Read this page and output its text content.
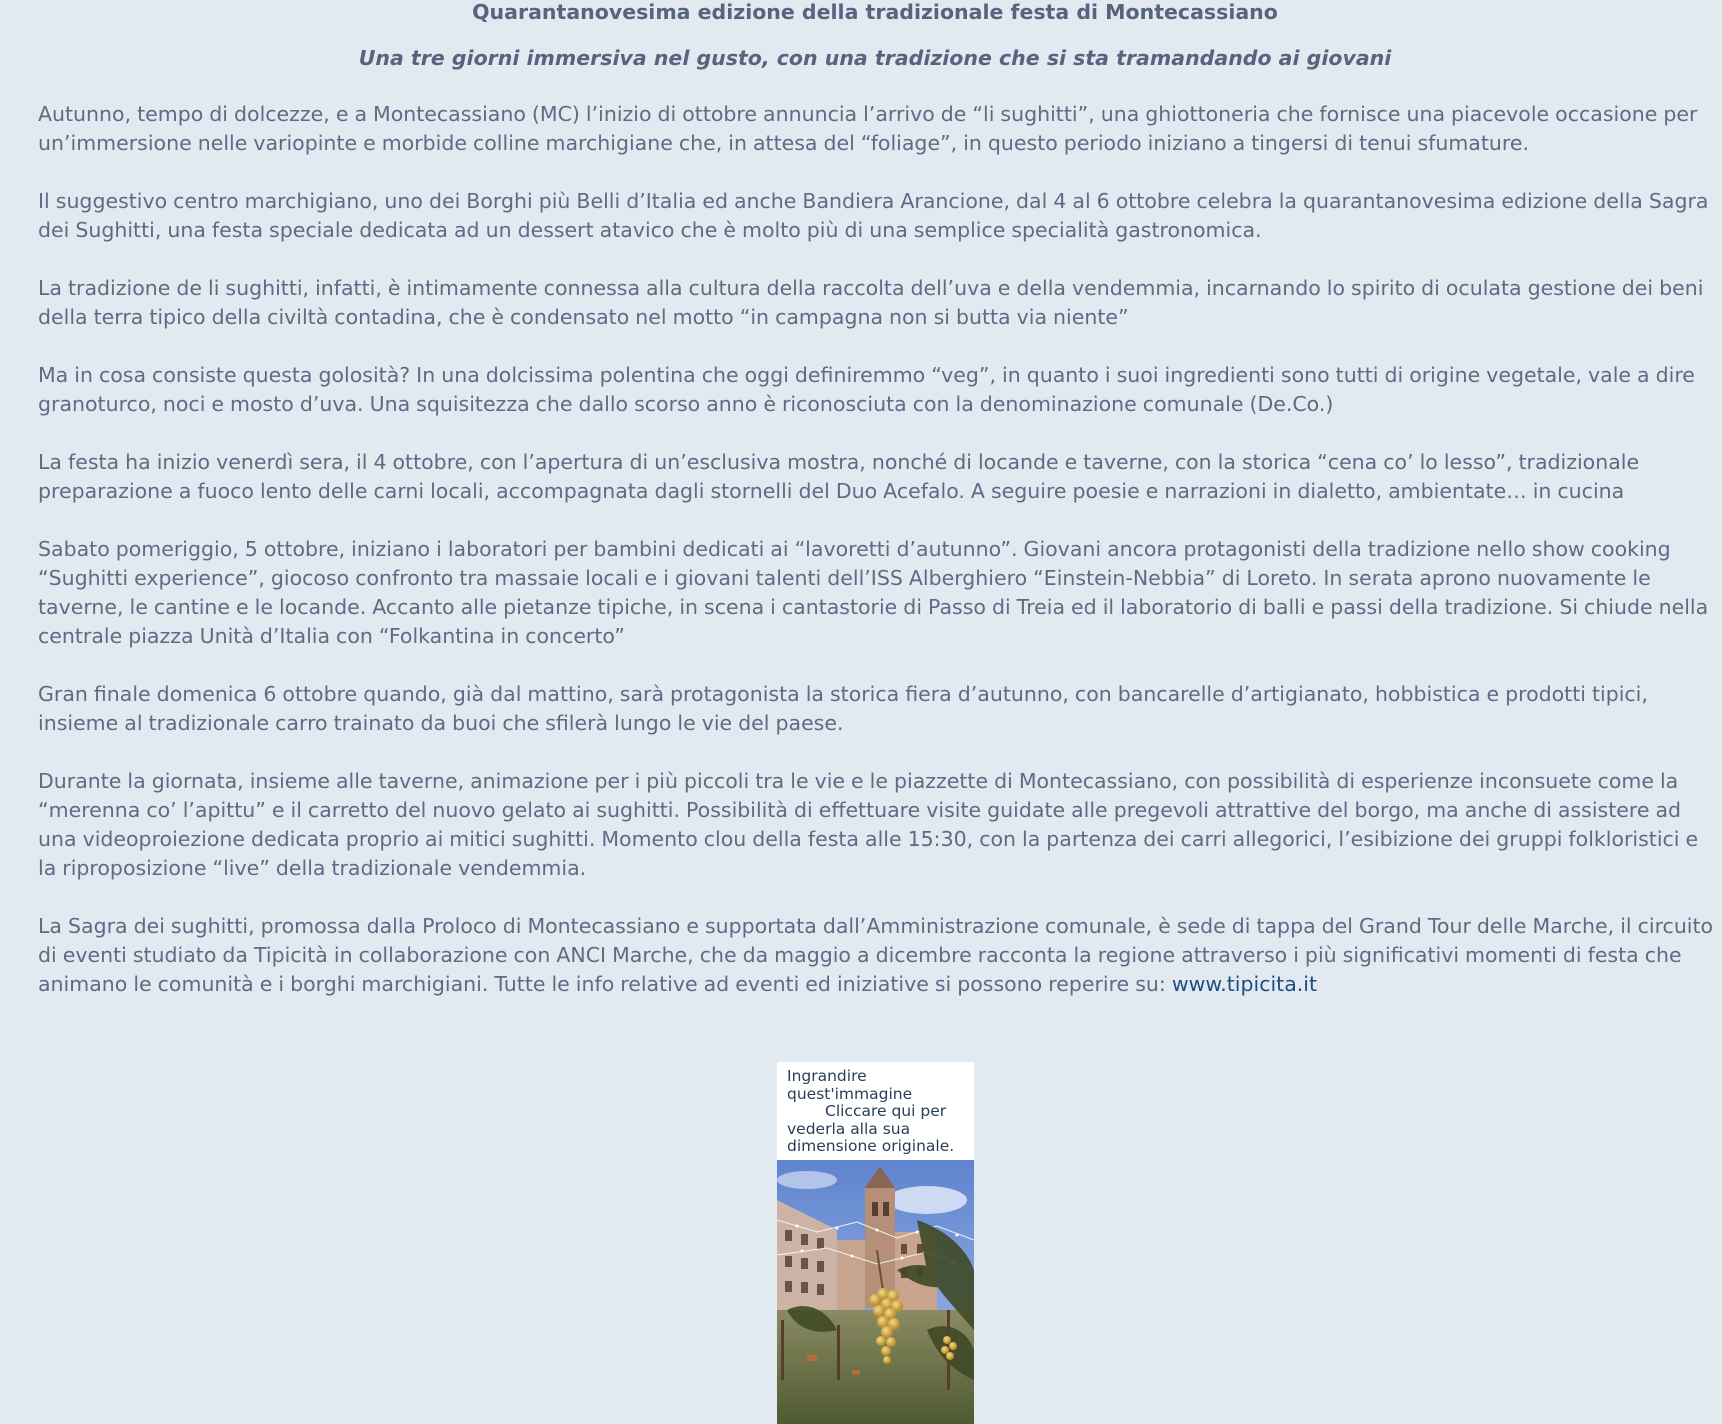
Quarantanovesima edizione della tradizionale festa di Montecassiano
Una tre giorni immersiva nel gusto, con una tradizione che si sta tramandando ai giovani

Autunno, tempo di dolcezze, e a Montecassiano (MC) l’inizio di ottobre annuncia l’arrivo de “li sughitti”, una ghiottoneria che fornisce una piacevole occasione per un’immersione nelle variopinte e morbide colline marchigiane che, in attesa del “foliage”, in questo periodo iniziano a tingersi di tenui sfumature.

Il suggestivo centro marchigiano, uno dei Borghi più Belli d’Italia ed anche Bandiera Arancione, dal 4 al 6 ottobre celebra la quarantanovesima edizione della Sagra dei Sughitti, una festa speciale dedicata ad un dessert atavico che è molto più di una semplice specialità gastronomica.

La tradizione de li sughitti, infatti, è intimamente connessa alla cultura della raccolta dell’uva e della vendemmia, incarnando lo spirito di oculata gestione dei beni della terra tipico della civiltà contadina, che è condensato nel motto “in campagna non si butta via niente”

Ma in cosa consiste questa golosità? In una dolcissima polentina che oggi definiremmo “veg”, in quanto i suoi ingredienti sono tutti di origine vegetale, vale a dire granoturco, noci e mosto d’uva. Una squisitezza che dallo scorso anno è riconosciuta con la denominazione comunale (De.Co.)

La festa ha inizio venerdì sera, il 4 ottobre, con l’apertura di un’esclusiva mostra, nonché di locande e taverne, con la storica “cena co’ lo lesso”, tradizionale preparazione a fuoco lento delle carni locali, accompagnata dagli stornelli del Duo Acefalo. A seguire poesie e narrazioni in dialetto, ambientate… in cucina

Sabato pomeriggio, 5 ottobre, iniziano i laboratori per bambini dedicati ai “lavoretti d’autunno”. Giovani ancora protagonisti della tradizione nello show cooking “Sughitti experience”, giocoso confronto tra massaie locali e i giovani talenti dell’ISS Alberghiero “Einstein-Nebbia” di Loreto. In serata aprono nuovamente le taverne, le cantine e le locande. Accanto alle pietanze tipiche, in scena i cantastorie di Passo di Treia ed il laboratorio di balli e passi della tradizione. Si chiude nella centrale piazza Unità d’Italia con “Folkantina in concerto”

Gran finale domenica 6 ottobre quando, già dal mattino, sarà protagonista la storica fiera d’autunno, con bancarelle d’artigianato, hobbistica e prodotti tipici, insieme al tradizionale carro trainato da buoi che sfilerà lungo le vie del paese.

Durante la giornata, insieme alle taverne, animazione per i più piccoli tra le vie e le piazzette di Montecassiano, con possibilità di esperienze inconsuete come la “merenna co’ l’apittu” e il carretto del nuovo gelato ai sughitti. Possibilità di effettuare visite guidate alle pregevoli attrattive del borgo, ma anche di assistere ad una videoproiezione dedicata proprio ai mitici sughitti. Momento clou della festa alle 15:30, con la partenza dei carri allegorici, l’esibizione dei gruppi folkloristici e la riproposizione “live” della tradizionale vendemmia.

La Sagra dei sughitti, promossa dalla Proloco di Montecassiano e supportata dall’Amministrazione comunale, è sede di tappa del Grand Tour delle Marche, il circuito di eventi studiato da Tipicità in collaborazione con ANCI Marche, che da maggio a dicembre racconta la regione attraverso i più significativi momenti di festa che animano le comunità e i borghi marchigiani. Tutte le info relative ad eventi ed iniziative si possono reperire su: www.tipicita.it

Ingrandire quest'immagine
Cliccare qui per vederla alla sua dimensione originale.
